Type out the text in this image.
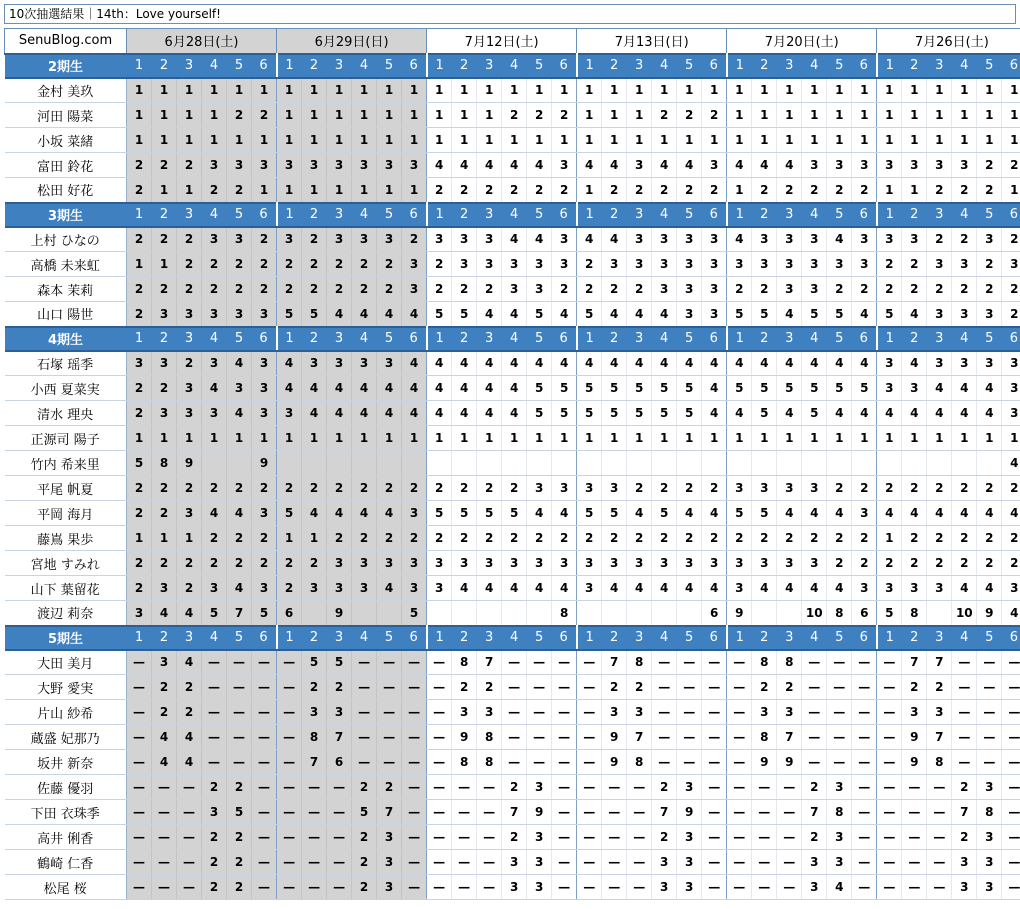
10次抽選結果｜14th：Love yourself!
SenuBlog.com	6月28日(土)						6月29日(日)						7月12日(土)						7月13日(日)						7月20日(土)						7月26日(土)					
2期生	1	2	3	4	5	6	1	2	3	4	5	6	1	2	3	4	5	6	1	2	3	4	5	6	1	2	3	4	5	6	1	2	3	4	5	6
金村 美玖	1	1	1	1	1	1	1	1	1	1	1	1	1	1	1	1	1	1	1	1	1	1	1	1	1	1	1	1	1	1	1	1	1	1	1	1
河田 陽菜	1	1	1	1	2	2	1	1	1	1	1	1	1	1	1	2	2	2	1	1	1	2	2	2	1	1	1	1	1	1	1	1	1	1	1	1
小坂 菜緒	1	1	1	1	1	1	1	1	1	1	1	1	1	1	1	1	1	1	1	1	1	1	1	1	1	1	1	1	1	1	1	1	1	1	1	1
富田 鈴花	2	2	2	3	3	3	3	3	3	3	3	3	4	4	4	4	4	3	4	4	3	4	4	3	4	4	4	3	3	3	3	3	3	3	2	2
松田 好花	2	1	1	2	2	1	1	1	1	1	1	1	2	2	2	2	2	2	1	2	2	2	2	2	1	2	2	2	2	2	1	1	2	2	2	1
3期生	1	2	3	4	5	6	1	2	3	4	5	6	1	2	3	4	5	6	1	2	3	4	5	6	1	2	3	4	5	6	1	2	3	4	5	6
上村 ひなの	2	2	2	3	3	2	3	2	3	3	3	2	3	3	3	4	4	3	4	4	3	3	3	3	4	3	3	3	4	3	3	3	2	2	3	2
高橋 未来虹	1	1	2	2	2	2	2	2	2	2	2	3	2	3	3	3	3	3	2	3	3	3	3	3	3	3	3	3	3	3	2	2	3	3	2	3
森本 茉莉	2	2	2	2	2	2	2	2	2	2	2	3	2	2	2	3	3	2	2	2	2	3	3	3	2	2	3	3	2	2	2	2	2	2	2	2
山口 陽世	2	3	3	3	3	3	5	5	4	4	4	4	5	5	4	4	5	4	5	4	4	4	3	3	5	5	4	5	5	4	5	4	3	3	3	2
4期生	1	2	3	4	5	6	1	2	3	4	5	6	1	2	3	4	5	6	1	2	3	4	5	6	1	2	3	4	5	6	1	2	3	4	5	6
石塚 瑶季	3	3	2	3	4	3	4	3	3	3	3	4	4	4	4	4	4	4	4	4	4	4	4	4	4	4	4	4	4	4	3	4	3	3	3	3
小西 夏菜実	2	2	3	4	3	3	4	4	4	4	4	4	4	4	4	4	5	5	5	5	5	5	5	4	5	5	5	5	5	5	3	3	4	4	4	3
清水 理央	2	3	3	3	4	3	3	4	4	4	4	4	4	4	4	4	5	5	5	5	5	5	5	4	4	5	4	5	4	4	4	4	4	4	4	3
正源司 陽子	1	1	1	1	1	1	1	1	1	1	1	1	1	1	1	1	1	1	1	1	1	1	1	1	1	1	1	1	1	1	1	1	1	1	1	1
竹内 希来里	5	8	9			9																														4
平尾 帆夏	2	2	2	2	2	2	2	2	2	2	2	2	2	2	2	2	3	3	3	3	2	2	2	2	3	3	3	3	2	2	2	2	2	2	2	2
平岡 海月	2	2	3	4	4	3	5	4	4	4	4	3	5	5	5	5	4	4	5	5	4	5	4	4	5	5	4	4	4	3	4	4	4	4	4	4
藤嶌 果歩	1	1	1	2	2	2	1	1	2	2	2	2	2	2	2	2	2	2	2	2	2	2	2	2	2	2	2	2	2	2	1	2	2	2	2	2
宮地 すみれ	2	2	2	2	2	2	2	2	3	3	3	3	3	3	3	3	3	3	3	3	3	3	3	3	3	3	3	3	2	2	2	2	2	2	2	2
山下 葉留花	2	3	2	3	4	3	2	3	3	3	4	3	3	4	4	4	4	4	3	4	4	4	4	4	3	4	4	4	4	3	3	3	3	4	4	3
渡辺 莉奈	3	4	4	5	7	5	6		9			5						8						6	9			10	8	6	5	8		10	9	4
5期生	1	2	3	4	5	6	1	2	3	4	5	6	1	2	3	4	5	6	1	2	3	4	5	6	1	2	3	4	5	6	1	2	3	4	5	6
大田 美月	—	3	4	—	—	—	—	5	5	—	—	—	—	8	7	—	—	—	—	7	8	—	—	—	—	8	8	—	—	—	—	7	7	—	—	—
大野 愛実	—	2	2	—	—	—	—	2	2	—	—	—	—	2	2	—	—	—	—	2	2	—	—	—	—	2	2	—	—	—	—	2	2	—	—	—
片山 紗希	—	2	2	—	—	—	—	3	3	—	—	—	—	3	3	—	—	—	—	3	3	—	—	—	—	3	3	—	—	—	—	3	3	—	—	—
蔵盛 妃那乃	—	4	4	—	—	—	—	8	7	—	—	—	—	9	8	—	—	—	—	9	7	—	—	—	—	8	7	—	—	—	—	9	7	—	—	—
坂井 新奈	—	4	4	—	—	—	—	7	6	—	—	—	—	8	8	—	—	—	—	9	8	—	—	—	—	9	9	—	—	—	—	9	8	—	—	—
佐藤 優羽	—	—	—	2	2	—	—	—	—	2	2	—	—	—	—	2	3	—	—	—	—	2	3	—	—	—	—	2	3	—	—	—	—	2	3	—
下田 衣珠季	—	—	—	3	5	—	—	—	—	5	7	—	—	—	—	7	9	—	—	—	—	7	9	—	—	—	—	7	8	—	—	—	—	7	8	—
高井 俐香	—	—	—	2	2	—	—	—	—	2	3	—	—	—	—	2	3	—	—	—	—	2	3	—	—	—	—	2	3	—	—	—	—	2	3	—
鶴崎 仁香	—	—	—	2	2	—	—	—	—	2	3	—	—	—	—	3	3	—	—	—	—	3	3	—	—	—	—	3	3	—	—	—	—	3	3	—
松尾 桜	—	—	—	2	2	—	—	—	—	2	3	—	—	—	—	3	3	—	—	—	—	3	3	—	—	—	—	3	4	—	—	—	—	3	3	—
